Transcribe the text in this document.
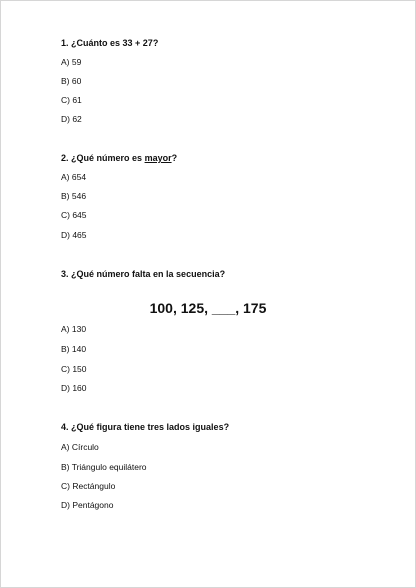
1. ¿Cuánto es 33 + 27?
A) 59
B) 60
C) 61
D) 62
2. ¿Qué número es mayor?
A) 654
B) 546
C) 645
D) 465
3. ¿Qué número falta en la secuencia?
100, 125, ___, 175
A) 130
B) 140
C) 150
D) 160
4. ¿Qué figura tiene tres lados iguales?
A) Círculo
B) Triángulo equilátero
C) Rectángulo
D) Pentágono
